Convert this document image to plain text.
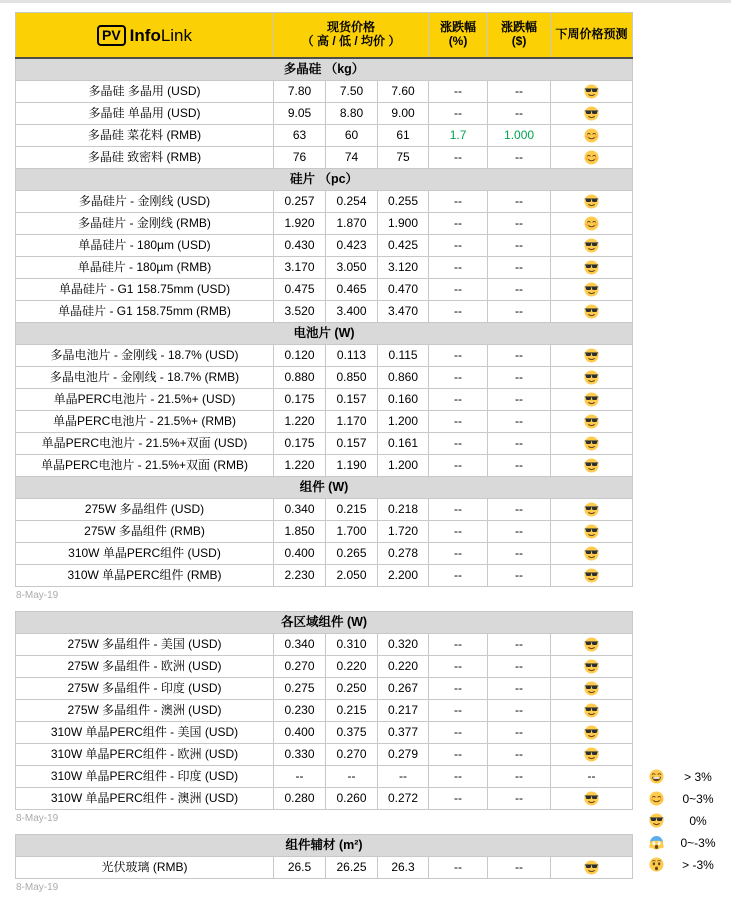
PV Info Link	现货价格
（ 高 / 低 / 均价 ）

涨跌幅
(%)

涨跌幅
($)	下周价格预测
多晶硅 （kg）						
多晶硅 多晶用 (USD)	7.80	7.50	7.60	--	--	
多晶硅 单晶用 (USD)	9.05	8.80	9.00	--	--	
多晶硅 菜花料 (RMB)	63	60	61	1.7	1.000	
多晶硅 致密料 (RMB)	76	74	75	--	--	
硅片 （pc）						
多晶硅片 - 金刚线 (USD)	0.257	0.254	0.255	--	--	
多晶硅片 - 金刚线 (RMB)	1.920	1.870	1.900	--	--	
单晶硅片 - 180µm (USD)	0.430	0.423	0.425	--	--	
单晶硅片 - 180µm (RMB)	3.170	3.050	3.120	--	--	
单晶硅片 - G1 158.75mm (USD)	0.475	0.465	0.470	--	--	
单晶硅片 - G1 158.75mm (RMB)	3.520	3.400	3.470	--	--	
电池片 (W)						
多晶电池片 - 金刚线 - 18.7% (USD)	0.120	0.113	0.115	--	--	
多晶电池片 - 金刚线 - 18.7% (RMB)	0.880	0.850	0.860	--	--	
单晶PERC电池片 - 21.5%+ (USD)	0.175	0.157	0.160	--	--	
单晶PERC电池片 - 21.5%+ (RMB)	1.220	1.170	1.200	--	--	
单晶PERC电池片 - 21.5%+双面 (USD)	0.175	0.157	0.161	--	--	
单晶PERC电池片 - 21.5%+双面 (RMB)	1.220	1.190	1.200	--	--	
组件 (W)						
275W 多晶组件 (USD)	0.340	0.215	0.218	--	--	
275W 多晶组件 (RMB)	1.850	1.700	1.720	--	--	
310W 单晶PERC组件 (USD)	0.400	0.265	0.278	--	--	
310W 单晶PERC组件 (RMB)	2.230	2.050	2.200	--	--	
8-May-19
各区域组件 (W)						
275W 多晶组件 - 美国 (USD)	0.340	0.310	0.320	--	--	
275W 多晶组件 - 欧洲 (USD)	0.270	0.220	0.220	--	--	
275W 多晶组件 - 印度 (USD)	0.275	0.250	0.267	--	--	
275W 多晶组件 - 澳洲 (USD)	0.230	0.215	0.217	--	--	
310W 单晶PERC组件 - 美国 (USD)	0.400	0.375	0.377	--	--	
310W 单晶PERC组件 - 欧洲 (USD)	0.330	0.270	0.279	--	--	
310W 单晶PERC组件 - 印度 (USD)	--	--	--	--	--	--
310W 单晶PERC组件 - 澳洲 (USD)	0.280	0.260	0.272	--	--	
8-May-19
组件辅材 (m²)
光伏玻璃 (RMB)	26.5	26.25	26.3	--	--	
8-May-19
> 3%
0~3%
0%
0~-3%
> -3%
